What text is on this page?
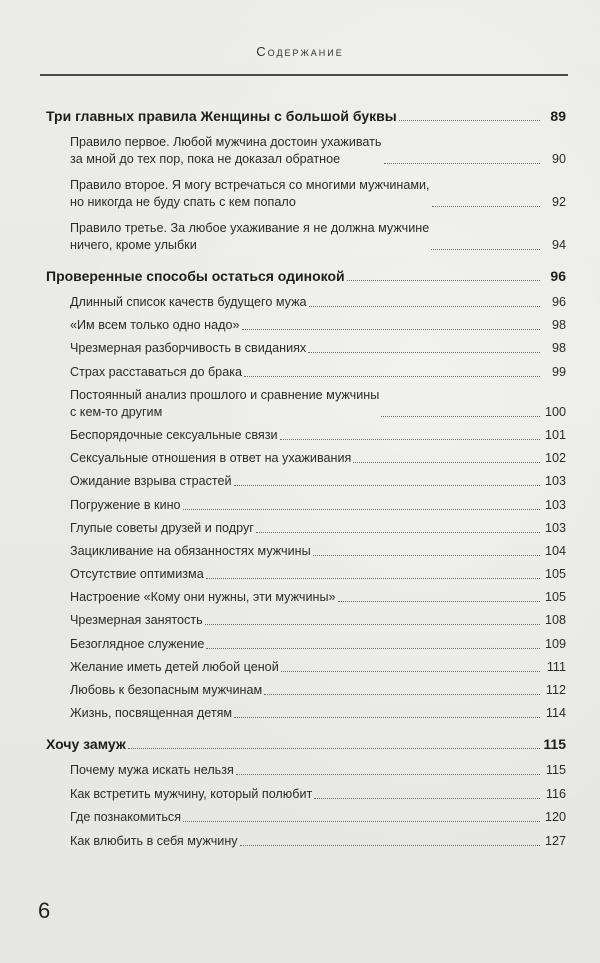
Содержание
Три главных правила Женщины с большой буквы	89
Правило первое. Любой мужчина достоин ухаживать
за мной до тех пор, пока не доказал обратное	90
Правило второе. Я могу встречаться со многими мужчинами,
но никогда не буду спать с кем попало	92
Правило третье. За любое ухаживание я не должна мужчине
ничего, кроме улыбки	94
Проверенные способы остаться одинокой	96
Длинный список качеств будущего мужа	96
«Им всем только одно надо»	98
Чрезмерная разборчивость в свиданиях	98
Страх расставаться до брака	99
Постоянный анализ прошлого и сравнение мужчины
с кем-то другим	100
Беспорядочные сексуальные связи	101
Сексуальные отношения в ответ на ухаживания	102
Ожидание взрыва страстей	103
Погружение в кино	103
Глупые советы друзей и подруг	103
Зацикливание на обязанностях мужчины	104
Отсутствие оптимизма	105
Настроение «Кому они нужны, эти мужчины»	105
Чрезмерная занятость	108
Безоглядное служение	109
Желание иметь детей любой ценой	111
Любовь к безопасным мужчинам	112
Жизнь, посвященная детям	114
Хочу замуж	115
Почему мужа искать нельзя	115
Как встретить мужчину, который полюбит	116
Где познакомиться	120
Как влюбить в себя мужчину	127
6
